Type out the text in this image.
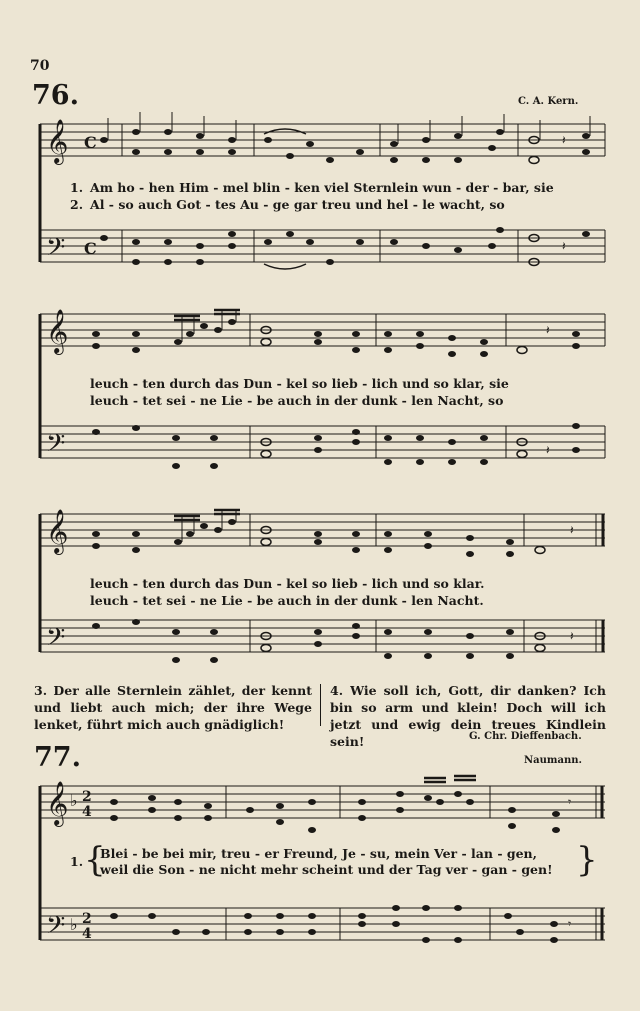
70
76.	C. A. Kern.
𝄞
𝄢
C
C
𝄽
𝄽
1. Am ho - hen Him - mel blin - ken viel Sternlein wun - der - bar, sie
2. Al - so auch Got - tes Au - ge gar treu und hel - le wacht, so
𝄞
𝄢
𝄽
𝄽
leuch - ten durch das Dun - kel so lieb - lich und so klar, sie
leuch - tet sei - ne Lie - be auch in der dunk - len Nacht, so
𝄞
𝄢
𝄽
𝄽
leuch - ten durch das Dun - kel so lieb - lich und so klar.
leuch - tet sei - ne Lie - be auch in der dunk - len Nacht.
3. Der alle Sternlein zählet, der kennt und liebt auch mich; der ihre Wege lenket, führt mich auch gnädiglich!
4. Wie soll ich, Gott, dir danken? Ich bin so arm und klein! Doch will ich jetzt und ewig dein treues Kindlein sein!	G. Chr. Dieffenbach.
77.	Naumann.
𝄞
𝄢
♭
♭
2
4
2
4
𝄾
𝄾
1. {
Blei - be bei mir, treu - er Freund, Je - su, mein Ver - lan - gen,
weil die Son - ne nicht mehr scheint und der Tag ver - gan - gen! }
